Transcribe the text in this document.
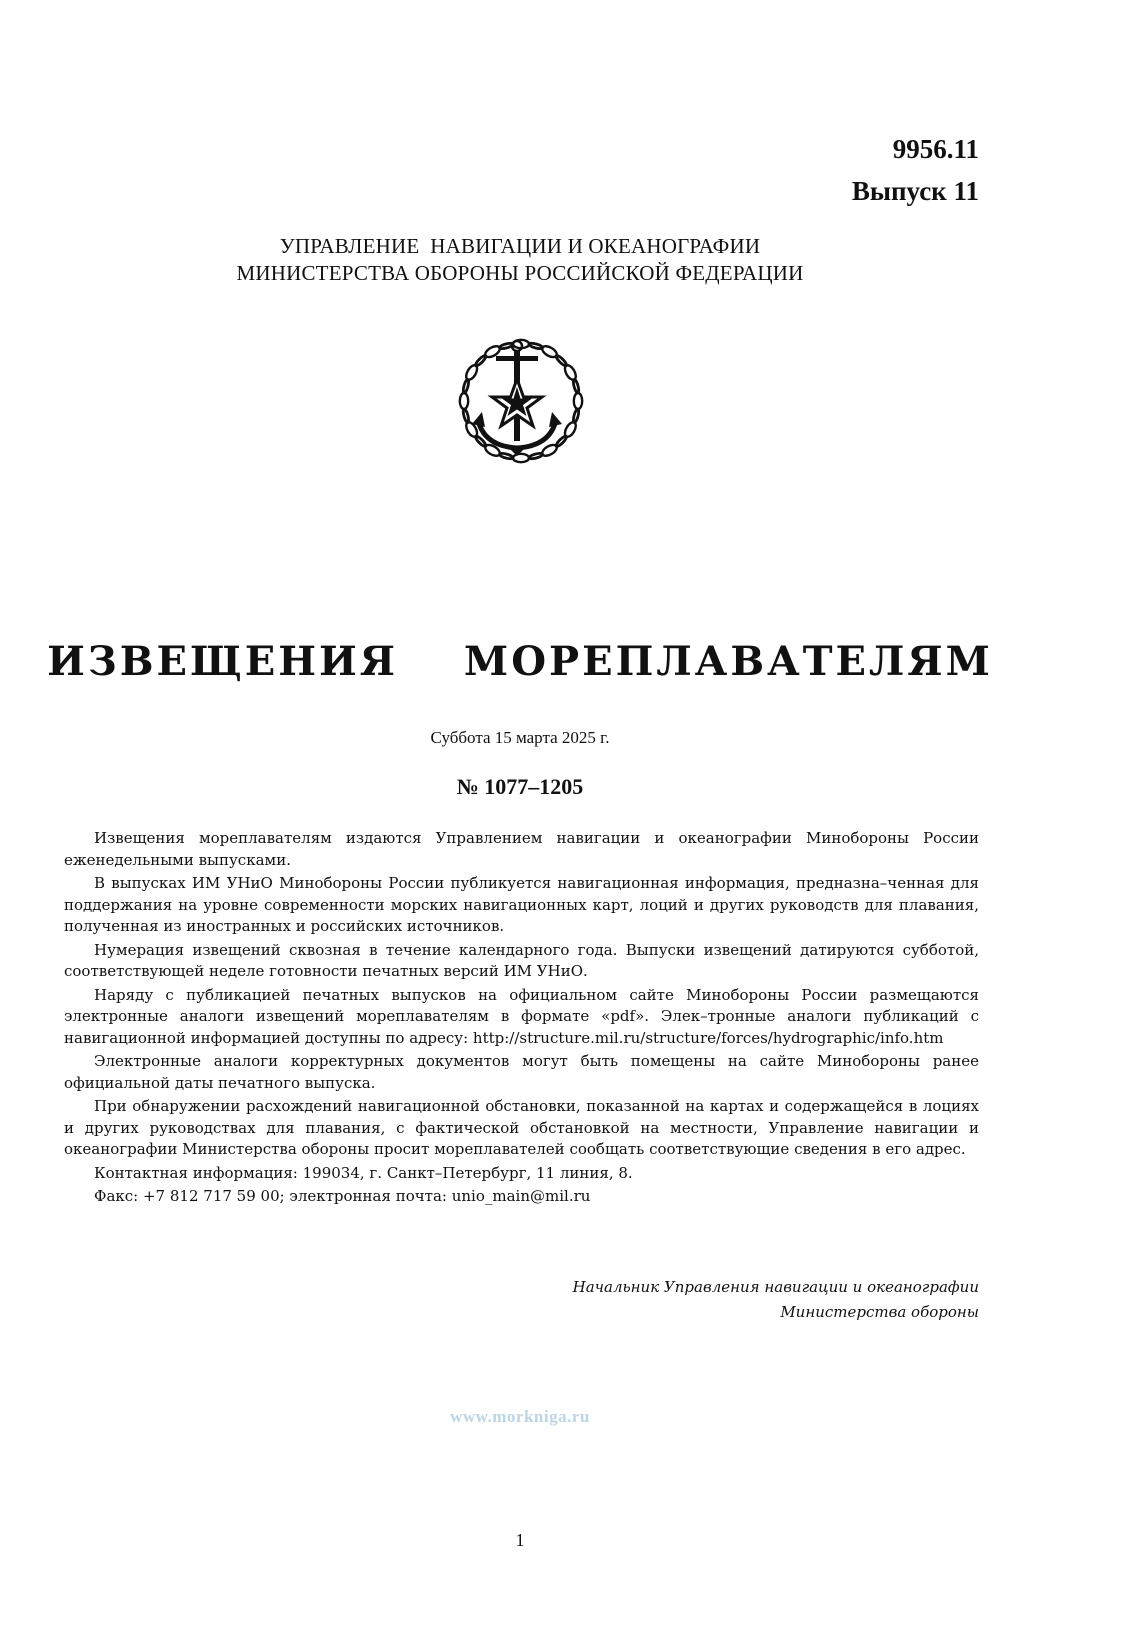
9956.11
Выпуск 11
УПРАВЛЕНИЕ  НАВИГАЦИИ И ОКЕАНОГРАФИИ
МИНИСТЕРСТВА ОБОРОНЫ РОССИЙСКОЙ ФЕДЕРАЦИИ
ИЗВЕЩЕНИЯ  МОРЕПЛАВАТЕЛЯМ
Суббота 15 марта 2025 г.
№ 1077–1205

Извещения мореплавателям издаются Управлением навигации и океанографии Минобороны России еженедельными выпусками.

В выпусках ИМ УНиО Минобороны России публикуется навигационная информация, предназна–ченная для поддержания на уровне современности морских навигационных карт, лоций и других руководств для плавания, полученная из иностранных и российских источников.

Нумерация извещений сквозная в течение календарного года. Выпуски извещений датируются субботой, соответствующей неделе готовности печатных версий ИМ УНиО.

Наряду с публикацией печатных выпусков на официальном сайте Минобороны России размещаются электронные аналоги извещений мореплавателям в формате «pdf». Элек–тронные аналоги публикаций с навигационной информацией доступны по адресу: http://structure.mil.ru/structure/forces/hydrographic/info.htm

Электронные аналоги корректурных документов могут быть помещены на сайте Минобороны ранее официальной даты печатного выпуска.

При обнаружении расхождений навигационной обстановки, показанной на картах и содержащейся в лоциях и других руководствах для плавания, с фактической обстановкой на местности, Управление навигации и океанографии Министерства обороны просит мореплавателей сообщать соответствующие сведения в его адрес.

Контактная информация: 199034, г. Санкт–Петербург, 11 линия, 8.

Факс: +7 812 717 59 00; электронная почта: unio_main@mil.ru

Начальник Управления навигации и океанографии
Министерства обороны
www.morkniga.ru
1
